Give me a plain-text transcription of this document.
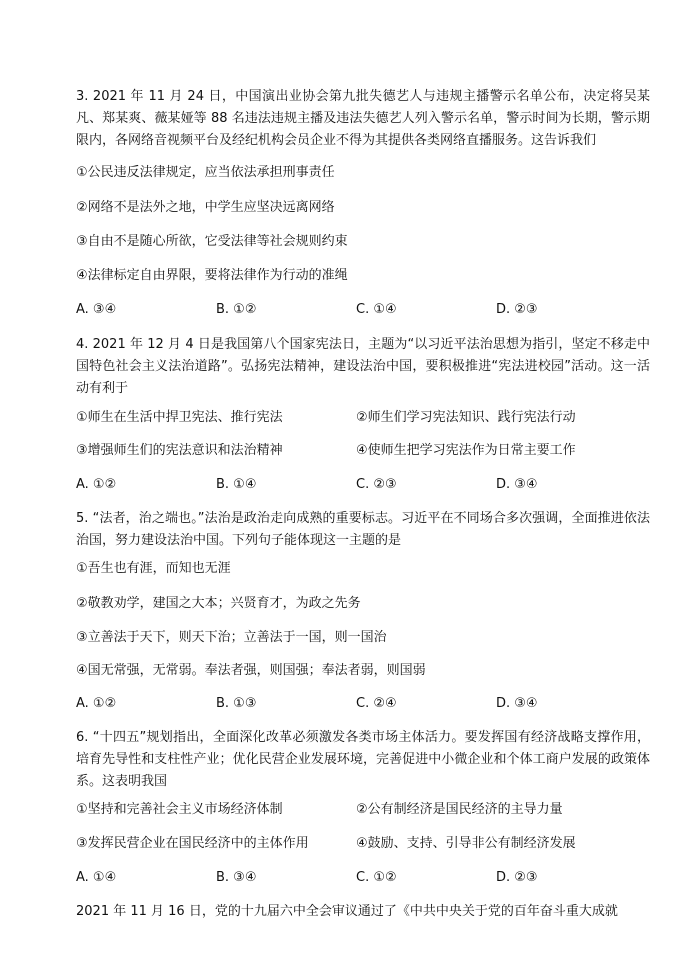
3. 2021 年 11 月 24 日，中国演出业协会第九批失德艺人与违规主播警示名单公布，决定将吴某凡、郑某爽、薇某娅等 88 名违法违规主播及违法失德艺人列入警示名单，警示时间为长期，警示期限内，各网络音视频平台及经纪机构会员企业不得为其提供各类网络直播服务。这告诉我们

①公民违反法律规定，应当依法承担刑事责任

②网络不是法外之地，中学生应坚决远离网络

③自由不是随心所欲，它受法律等社会规则约束

④法律标定自由界限，要将法律作为行动的准绳

A. ③④	B. ①②	C. ①④	D. ②③

4. 2021 年 12 月 4 日是我国第八个国家宪法日，主题为“以习近平法治思想为指引，坚定不移走中国特色社会主义法治道路”。弘扬宪法精神，建设法治中国，要积极推进“宪法进校园”活动。这一活动有利于

①师生在生活中捍卫宪法、推行宪法	②师生们学习宪法知识、践行宪法行动

③增强师生们的宪法意识和法治精神	④使师生把学习宪法作为日常主要工作

A. ①②	B. ①④	C. ②③	D. ③④

5. “法者，治之端也。”法治是政治走向成熟的重要标志。习近平在不同场合多次强调，全面推进依法治国，努力建设法治中国。下列句子能体现这一主题的是

①吾生也有涯，而知也无涯

②敬教劝学，建国之大本；兴贤育才，为政之先务

③立善法于天下，则天下治；立善法于一国，则一国治

④国无常强，无常弱。奉法者强，则国强；奉法者弱，则国弱

A. ①②	B. ①③	C. ②④	D. ③④

6. “十四五”规划指出，全面深化改革必须激发各类市场主体活力。要发挥国有经济战略支撑作用，培育先导性和支柱性产业；优化民营企业发展环境，完善促进中小微企业和个体工商户发展的政策体系。这表明我国

①坚持和完善社会主义市场经济体制	②公有制经济是国民经济的主导力量

③发挥民营企业在国民经济中的主体作用	④鼓励、支持、引导非公有制经济发展

A. ①④	B. ③④	C. ①②	D. ②③

2021 年 11 月 16 日，党的十九届六中全会审议通过了《中共中央关于党的百年奋斗重大成就
